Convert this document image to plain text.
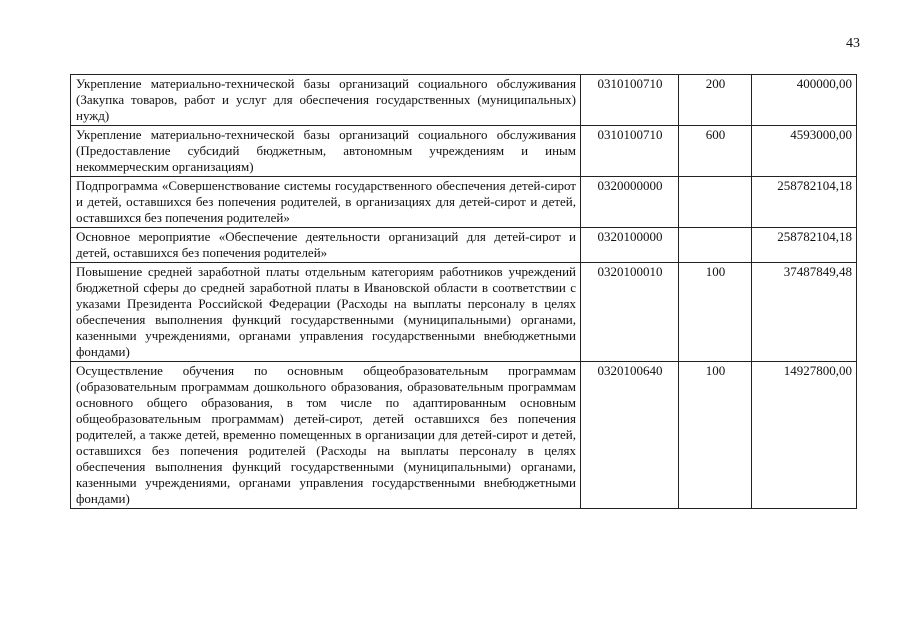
43
Укрепление материально-технической базы организаций социального обслуживания (Закупка товаров, работ и услуг для обеспечения государственных (муниципальных) нужд)	0310100710	200	400000,00
Укрепление материально-технической базы организаций социального обслуживания (Предоставление субсидий бюджетным, автономным учреждениям и иным некоммерческим организациям)	0310100710	600	4593000,00
Подпрограмма «Совершенствование системы государственного обеспечения детей-сирот и детей, оставшихся без попечения родителей, в организациях для детей-сирот и детей, оставшихся без попечения родителей»	0320000000		258782104,18
Основное мероприятие «Обеспечение деятельности организаций для детей-сирот и детей, оставшихся без попечения родителей»	0320100000		258782104,18
Повышение средней заработной платы отдельным категориям работников учреждений бюджетной сферы до средней заработной платы в Ивановской области в соответствии с указами Президента Российской Федерации (Расходы на выплаты персоналу в целях обеспечения выполнения функций государственными (муниципальными) органами, казенными учреждениями, органами управления государственными внебюджетными фондами)	0320100010	100	37487849,48
Осуществление обучения по основным общеобразовательным программам (образовательным программам дошкольного образования, образовательным программам основного общего образования, в том числе по адаптированным основным общеобразовательным программам) детей-сирот, детей оставшихся без попечения родителей, а также детей, временно помещенных в организации для детей-сирот и детей, оставшихся без попечения родителей (Расходы на выплаты персоналу в целях обеспечения выполнения функций государственными (муниципальными) органами, казенными учреждениями, органами управления государственными внебюджетными фондами)	0320100640	100	14927800,00
